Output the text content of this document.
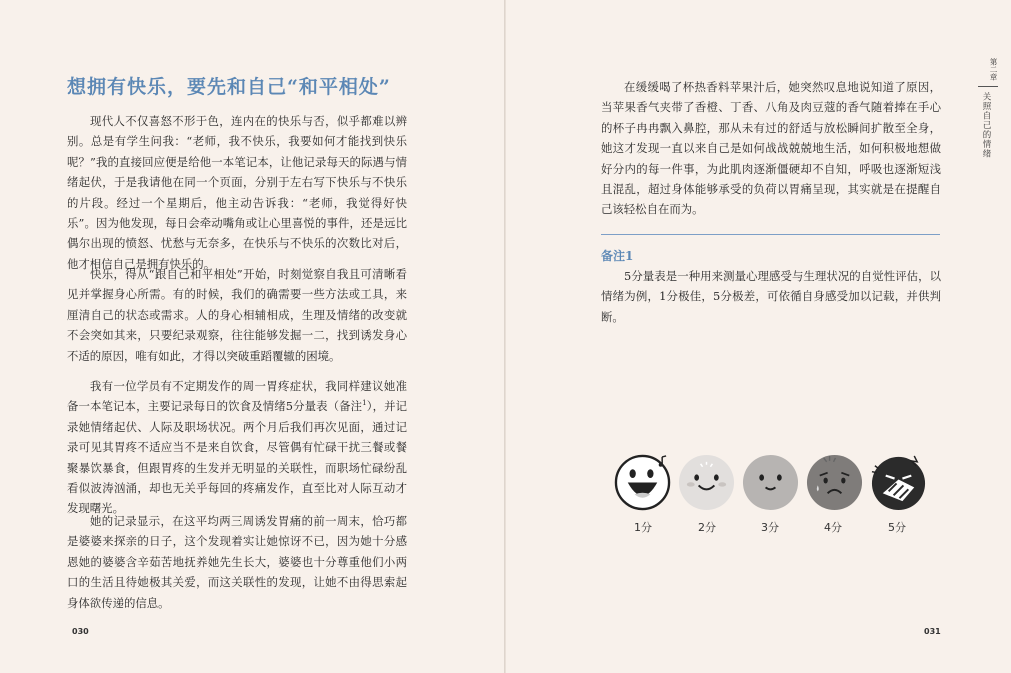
想拥有快乐，要先和自己“和平相处”

现代人不仅喜怒不形于色，连内在的快乐与否，似乎都难以辨别。总是有学生问我：“老师，我不快乐，我要如何才能找到快乐呢？”我的直接回应便是给他一本笔记本，让他记录每天的际遇与情绪起伏，于是我请他在同一个页面，分别于左右写下快乐与不快乐的片段。经过一个星期后，他主动告诉我：“老师，我觉得好快乐”。因为他发现，每日会牵动嘴角或让心里喜悦的事件，还是远比偶尔出现的愤怒、忧愁与无奈多，在快乐与不快乐的次数比对后，他才相信自己是拥有快乐的。

快乐，得从“跟自己和平相处”开始，时刻觉察自我且可清晰看见并掌握身心所需。有的时候，我们的确需要一些方法或工具，来厘清自己的状态或需求。人的身心相辅相成，生理及情绪的改变就不会突如其来，只要纪录观察，往往能够发掘一二，找到诱发身心不适的原因，唯有如此，才得以突破重蹈覆辙的困境。

我有一位学员有不定期发作的周一胃疼症状，我同样建议她准备一本笔记本，主要记录每日的饮食及情绪5分量表（备注$^1$），并记录她情绪起伏、人际及职场状况。两个月后我们再次见面，通过记录可见其胃疼不适应当不是来自饮食，尽管偶有忙碌干扰三餐或餐聚暴饮暴食，但跟胃疼的生发并无明显的关联性，而职场忙碌纷乱看似波涛汹涌，却也无关乎每回的疼痛发作，直至比对人际互动才发现曙光。

她的记录显示，在这平均两三周诱发胃痛的前一周末，恰巧都是婆婆来探亲的日子，这个发现着实让她惊讶不已，因为她十分感恩她的婆婆含辛茹苦地抚养她先生长大，婆婆也十分尊重他们小两口的生活且待她极其关爱，而这关联性的发现，让她不由得思索起身体欲传递的信息。

030

在缓缓喝了杯热香料苹果汁后，她突然叹息地说知道了原因，当苹果香气夹带了香橙、丁香、八角及肉豆蔻的香气随着捧在手心的杯子冉冉飘入鼻腔，那从未有过的舒适与放松瞬间扩散至全身，她这才发现一直以来自己是如何战战兢兢地生活，如何积极地想做好分内的每一件事，为此肌肉逐渐僵硬却不自知，呼吸也逐渐短浅且混乱，超过身体能够承受的负荷以胃痛呈现，其实就是在提醒自己该轻松自在而为。

备注1

5分量表是一种用来测量心理感受与生理状况的自觉性评估，以情绪为例，1分极佳，5分极差，可依循自身感受加以记载，并供判断。

1分	2分	3分	4分	5分
031
第二章
关照自己的情绪
